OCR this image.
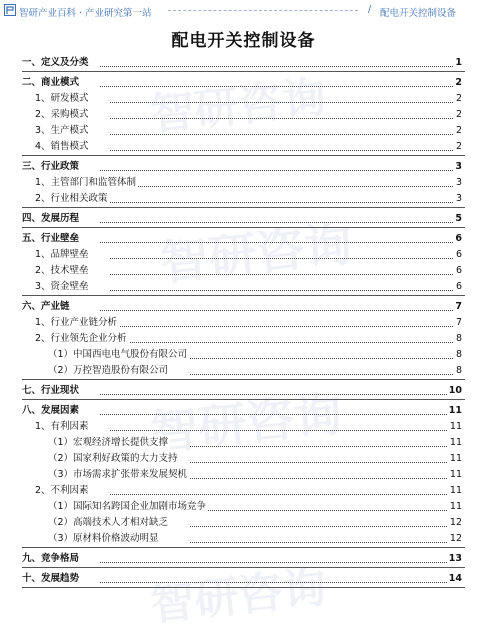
智研产业百科 · 产业研究第一站	/ 配电开关控制设备
配电开关控制设备
智研咨询
智研咨询
智研咨询
智研咨询
一、定义及分类	1
二、商业模式	2
1、研发模式	2
2、采购模式	2
3、生产模式	2
4、销售模式	2
三、行业政策	3
1、主管部门和监管体制	3
2、行业相关政策	3
四、发展历程	5
五、行业壁垒	6
1、品牌壁垒	6
2、技术壁垒	6
3、资金壁垒	6
六、产业链	7
1、行业产业链分析	7
2、行业领先企业分析	8
（1）中国西电电气股份有限公司	8
（2）万控智造股份有限公司	8
七、行业现状	10
八、发展因素	11
1、有利因素	11
（1）宏观经济增长提供支撑	11
（2）国家利好政策的大力支持	11
（3）市场需求扩张带来发展契机	11
2、不利因素	11
（1）国际知名跨国企业加剧市场竞争	11
（2）高端技术人才相对缺乏	12
（3）原材料价格波动明显	12
九、竞争格局	13
十、发展趋势	14
